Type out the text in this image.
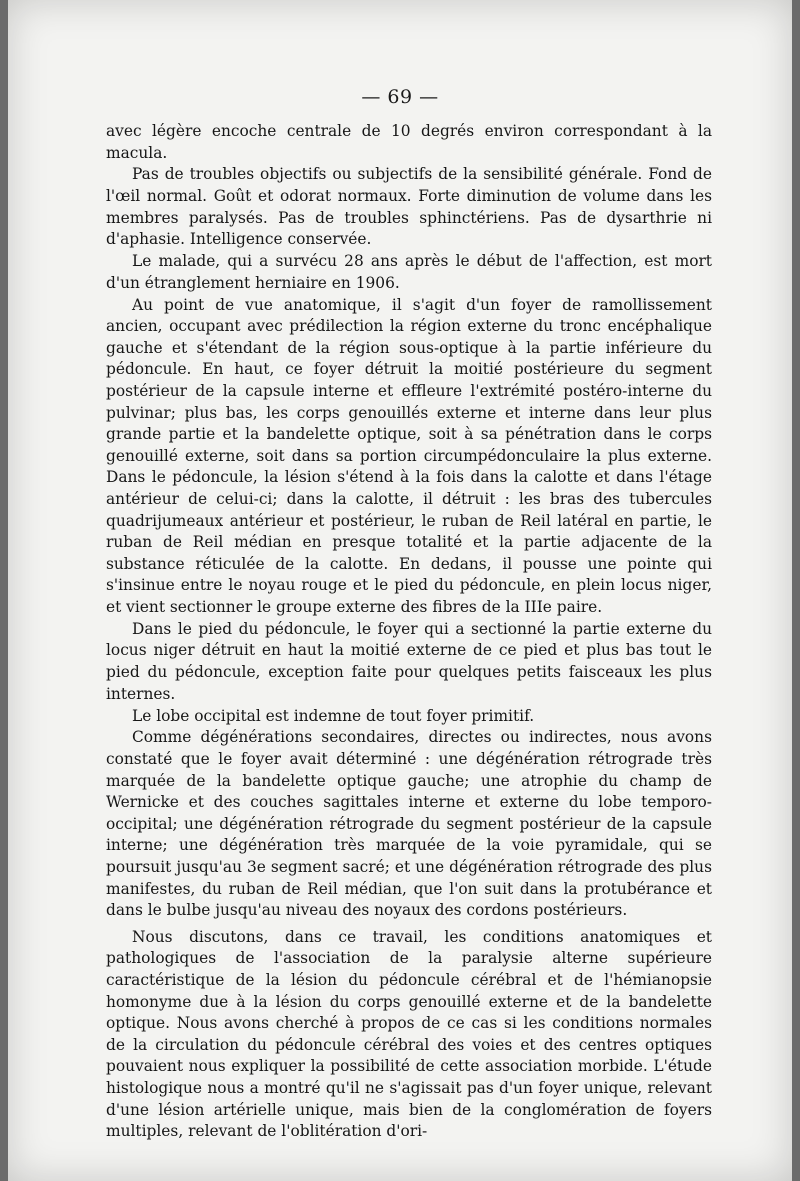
— 69 —

avec légère encoche centrale de 10 degrés environ correspondant à la macula.

Pas de troubles objectifs ou subjectifs de la sensibilité générale. Fond de l'œil normal. Goût et odorat normaux. Forte diminution de volume dans les membres paralysés. Pas de troubles sphinctériens. Pas de dysarthrie ni d'aphasie. Intelligence conservée.

Le malade, qui a survécu 28 ans après le début de l'affection, est mort d'un étranglement herniaire en 1906.

Au point de vue anatomique, il s'agit d'un foyer de ramollissement ancien, occupant avec prédilection la région externe du tronc encéphalique gauche et s'étendant de la région sous-optique à la partie inférieure du pédoncule. En haut, ce foyer détruit la moitié postérieure du segment postérieur de la capsule interne et effleure l'extrémité postéro-interne du pulvinar; plus bas, les corps genouillés externe et interne dans leur plus grande partie et la bandelette optique, soit à sa pénétration dans le corps genouillé externe, soit dans sa portion circumpédonculaire la plus externe. Dans le pédoncule, la lésion s'étend à la fois dans la calotte et dans l'étage antérieur de celui-ci; dans la calotte, il détruit : les bras des tubercules quadrijumeaux antérieur et postérieur, le ruban de Reil latéral en partie, le ruban de Reil médian en presque totalité et la partie adjacente de la substance réticulée de la calotte. En dedans, il pousse une pointe qui s'insinue entre le noyau rouge et le pied du pédoncule, en plein locus niger, et vient sectionner le groupe externe des fibres de la IIIe paire.

Dans le pied du pédoncule, le foyer qui a sectionné la partie externe du locus niger détruit en haut la moitié externe de ce pied et plus bas tout le pied du pédoncule, exception faite pour quelques petits faisceaux les plus internes.

Le lobe occipital est indemne de tout foyer primitif.

Comme dégénérations secondaires, directes ou indirectes, nous avons constaté que le foyer avait déterminé : une dégénération rétrograde très marquée de la bandelette optique gauche; une atrophie du champ de Wernicke et des couches sagittales interne et externe du lobe temporo-occipital; une dégénération rétrograde du segment postérieur de la capsule interne; une dégénération très marquée de la voie pyramidale, qui se poursuit jusqu'au 3e segment sacré; et une dégénération rétrograde des plus manifestes, du ruban de Reil médian, que l'on suit dans la protubérance et dans le bulbe jusqu'au niveau des noyaux des cordons postérieurs.

Nous discutons, dans ce travail, les conditions anatomiques et pathologiques de l'association de la paralysie alterne supérieure caractéristique de la lésion du pédoncule cérébral et de l'hémianopsie homonyme due à la lésion du corps genouillé externe et de la bandelette optique. Nous avons cherché à propos de ce cas si les conditions normales de la circulation du pédoncule cérébral des voies et des centres optiques pouvaient nous expliquer la possibilité de cette association morbide. L'étude histologique nous a montré qu'il ne s'agissait pas d'un foyer unique, relevant d'une lésion artérielle unique, mais bien de la conglomération de foyers multiples, relevant de l'oblitération d'ori-
